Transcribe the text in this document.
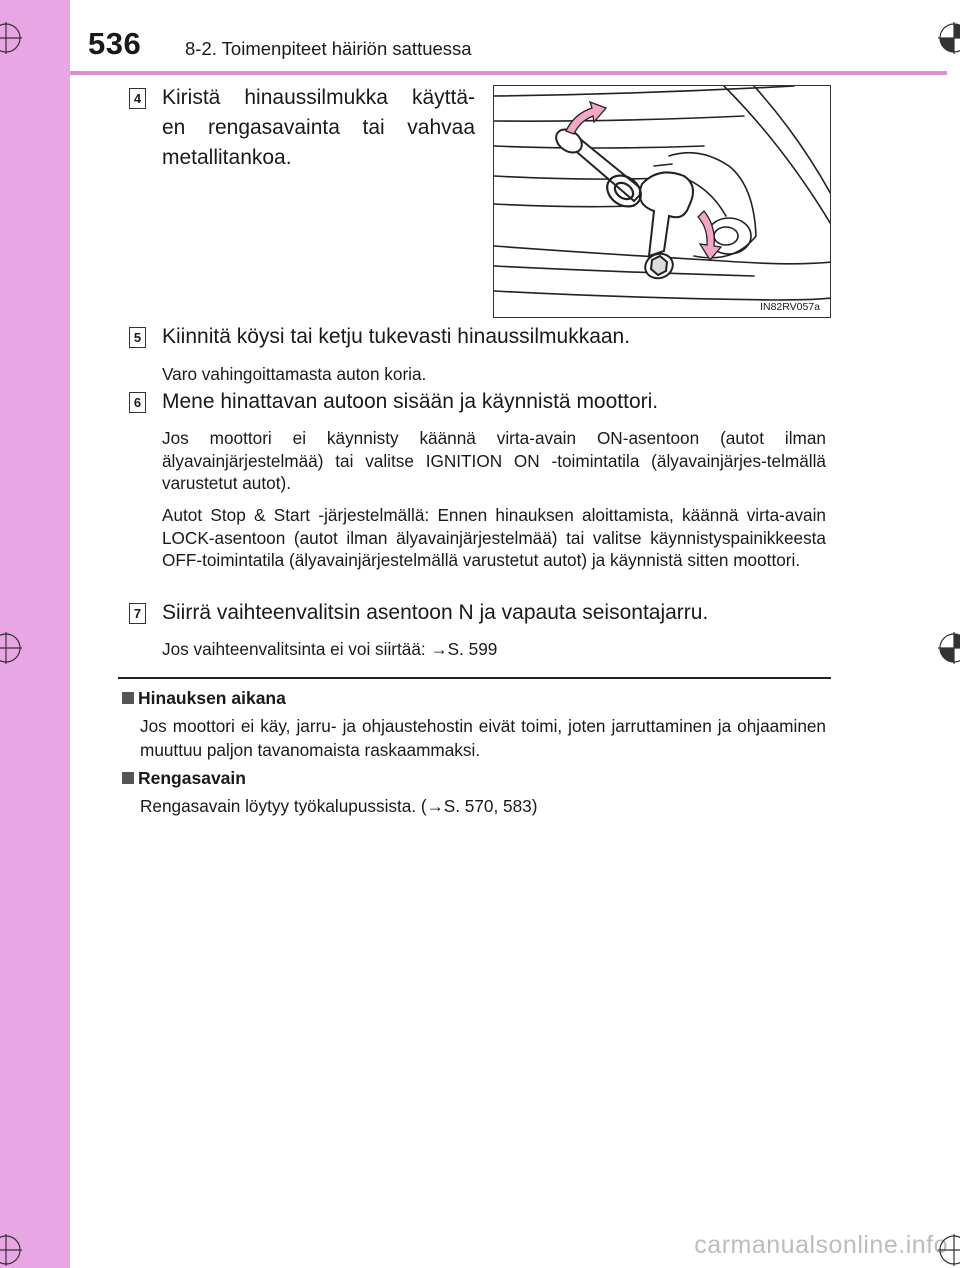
536 8-2. Toimenpiteet häiriön sattuessa
4 Kiristä hinaussilmukka käyttä-
en rengasavainta tai vahvaa
metallitankoa.
IN82RV057a
5 Kiinnitä köysi tai ketju tukevasti hinaussilmukkaan.
Varo vahingoittamasta auton koria.
6 Mene hinattavan autoon sisään ja käynnistä moottori.
Jos moottori ei käynnisty käännä virta-avain ON-asentoon (autot ilman älyavainjärjestelmää) tai valitse IGNITION ON -toimintatila (älyavainjärjes-telmällä varustetut autot).
Autot Stop & Start -järjestelmällä: Ennen hinauksen aloittamista, käännä virta-avain LOCK-asentoon (autot ilman älyavainjärjestelmää) tai valitse käynnistyspainikkeesta OFF-toimintatila (älyavainjärjestelmällä varustetut autot) ja käynnistä sitten moottori.
7 Siirrä vaihteenvalitsin asentoon N ja vapauta seisontajarru.
Jos vaihteenvalitsinta ei voi siirtää: →S. 599
Hinauksen aikana
Jos moottori ei käy, jarru- ja ohjaustehostin eivät toimi, joten jarruttaminen ja ohjaaminen muuttuu paljon tavanomaista raskaammaksi.
Rengasavain
Rengasavain löytyy työkalupussista. (→S. 570, 583)
carmanualsonline.info
